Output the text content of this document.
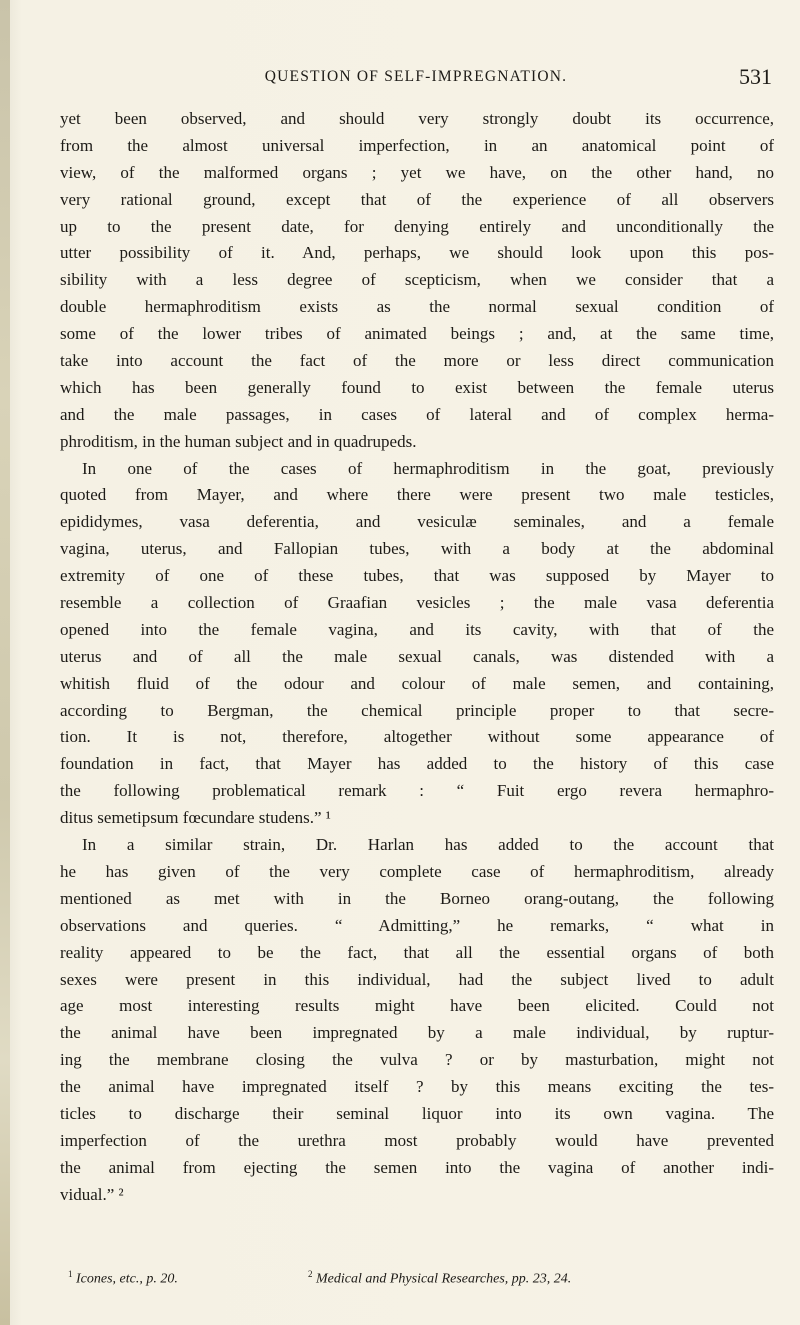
QUESTION OF SELF-IMPREGNATION.	531
yet been observed, and should very strongly doubt its occurrence,
from the almost universal imperfection, in an anatomical point of
view, of the malformed organs ; yet we have, on the other hand, no
very rational ground, except that of the experience of all observers
up to the present date, for denying entirely and unconditionally the
utter possibility of it. And, perhaps, we should look upon this pos-
sibility with a less degree of scepticism, when we consider that a
double hermaphroditism exists as the normal sexual condition of
some of the lower tribes of animated beings ; and, at the same time,
take into account the fact of the more or less direct communication
which has been generally found to exist between the female uterus
and the male passages, in cases of lateral and of complex herma-
phroditism, in the human subject and in quadrupeds.
In one of the cases of hermaphroditism in the goat, previously
quoted from Mayer, and where there were present two male testicles,
epididymes, vasa deferentia, and vesiculæ seminales, and a female
vagina, uterus, and Fallopian tubes, with a body at the abdominal
extremity of one of these tubes, that was supposed by Mayer to
resemble a collection of Graafian vesicles ; the male vasa deferentia
opened into the female vagina, and its cavity, with that of the
uterus and of all the male sexual canals, was distended with a
whitish fluid of the odour and colour of male semen, and containing,
according to Bergman, the chemical principle proper to that secre-
tion. It is not, therefore, altogether without some appearance of
foundation in fact, that Mayer has added to the history of this case
the following problematical remark : “ Fuit ergo revera hermaphro-
ditus semetipsum fœcundare studens.” ¹
In a similar strain, Dr. Harlan has added to the account that
he has given of the very complete case of hermaphroditism, already
mentioned as met with in the Borneo orang-outang, the following
observations and queries. “ Admitting,” he remarks, “ what in
reality appeared to be the fact, that all the essential organs of both
sexes were present in this individual, had the subject lived to adult
age most interesting results might have been elicited. Could not
the animal have been impregnated by a male individual, by ruptur-
ing the membrane closing the vulva ? or by masturbation, might not
the animal have impregnated itself ? by this means exciting the tes-
ticles to discharge their seminal liquor into its own vagina. The
imperfection of the urethra most probably would have prevented
the animal from ejecting the semen into the vagina of another indi-
vidual.” ²
$^1$ Icones, etc., p. 20.	$^2$ Medical and Physical Researches, pp. 23, 24.
